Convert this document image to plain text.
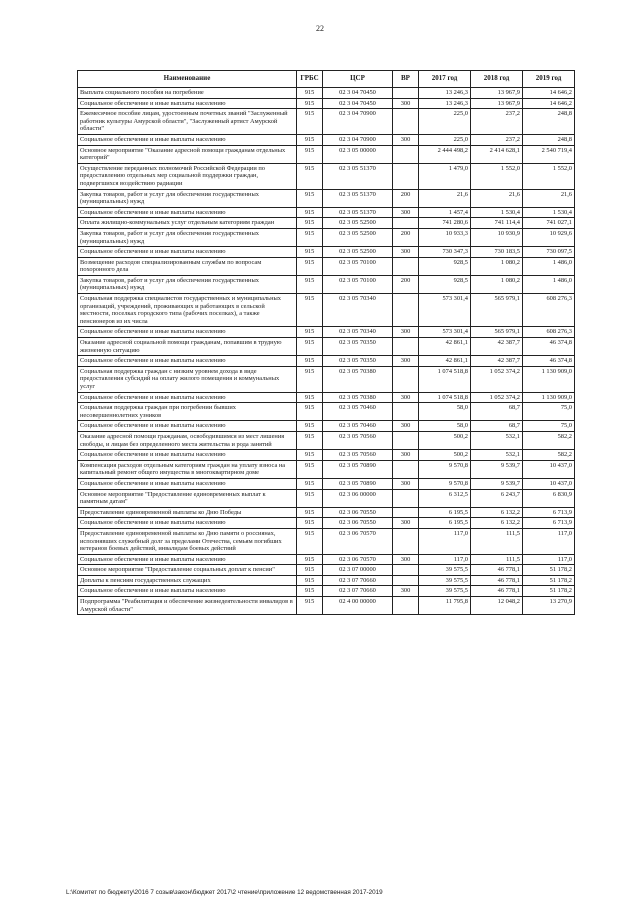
22
Наименование	ГРБС	ЦСР	ВР	2017 год	2018 год	2019 год
Выплата социального пособия на погребение	915	02 3 04 70450		13 246,3	13 967,9	14 646,2
Социальное обеспечение и иные выплаты населению	915	02 3 04 70450	300	13 246,3	13 967,9	14 646,2
Ежемесячное пособие лицам, удостоенным почетных званий "Заслуженный работник культуры Амурской области", "Заслуженный артист Амурской области"	915	02 3 04 70900		225,0	237,2	248,8
Социальное обеспечение и иные выплаты населению	915	02 3 04 70900	300	225,0	237,2	248,8
Основное мероприятие "Оказание адресной помощи гражданам отдельных категорий"	915	02 3 05 00000		2 444 498,2	2 414 628,1	2 540 719,4
Осуществление переданных полномочий Российской Федерации по предоставлению отдельных мер социальной поддержки граждан, подвергшихся воздействию радиации	915	02 3 05 51370		1 479,0	1 552,0	1 552,0
Закупка товаров, работ и услуг для обеспечения государственных (муниципальных) нужд	915	02 3 05 51370	200	21,6	21,6	21,6
Социальное обеспечение и иные выплаты населению	915	02 3 05 51370	300	1 457,4	1 530,4	1 530,4
Оплата жилищно-коммунальных услуг отдельным категориям граждан	915	02 3 05 52500		741 280,6	741 114,4	741 027,1
Закупка товаров, работ и услуг для обеспечения государственных (муниципальных) нужд	915	02 3 05 52500	200	10 933,3	10 930,9	10 929,6
Социальное обеспечение и иные выплаты населению	915	02 3 05 52500	300	730 347,3	730 183,5	730 097,5
Возмещение расходов специализированным службам по вопросам похоронного дела	915	02 3 05 70100		928,5	1 080,2	1 486,0
Закупка товаров, работ и услуг для обеспечения государственных (муниципальных) нужд	915	02 3 05 70100	200	928,5	1 080,2	1 486,0
Социальная поддержка специалистов государственных и муниципальных организаций, учреждений, проживающих и работающих в сельской местности, поселках городского типа (рабочих поселках), а также пенсионеров из их числа	915	02 3 05 70340		573 301,4	565 979,1	608 276,3
Социальное обеспечение и иные выплаты населению	915	02 3 05 70340	300	573 301,4	565 979,1	608 276,3
Оказание адресной социальной помощи гражданам, попавшим в трудную жизненную ситуацию	915	02 3 05 70350		42 861,1	42 387,7	46 374,8
Социальное обеспечение и иные выплаты населению	915	02 3 05 70350	300	42 861,1	42 387,7	46 374,8
Социальная поддержка граждан с низким уровнем дохода в виде предоставления субсидий на оплату жилого помещения и коммунальных услуг	915	02 3 05 70380		1 074 518,8	1 052 374,2	1 130 909,0
Социальное обеспечение и иные выплаты населению	915	02 3 05 70380	300	1 074 518,8	1 052 374,2	1 130 909,0
Социальная поддержка граждан при погребении бывших несовершеннолетних узников	915	02 3 05 70460		58,0	68,7	75,0
Социальное обеспечение и иные выплаты населению	915	02 3 05 70460	300	58,0	68,7	75,0
Оказание адресной помощи гражданам, освободившимся из мест лишения свободы, и лицам без определенного места жительства и рода занятий	915	02 3 05 70560		500,2	532,1	582,2
Социальное обеспечение и иные выплаты населению	915	02 3 05 70560	300	500,2	532,1	582,2
Компенсация расходов отдельным категориям граждан на уплату взноса на капитальный ремонт общего имущества в многоквартирном доме	915	02 3 05 70890		9 570,8	9 539,7	10 437,0
Социальное обеспечение и иные выплаты населению	915	02 3 05 70890	300	9 570,8	9 539,7	10 437,0
Основное мероприятие "Предоставление единовременных выплат к памятным датам"	915	02 3 06 00000		6 312,5	6 243,7	6 830,9
Предоставление единовременной выплаты ко Дню Победы	915	02 3 06 70550		6 195,5	6 132,2	6 713,9
Социальное обеспечение и иные выплаты населению	915	02 3 06 70550	300	6 195,5	6 132,2	6 713,9
Предоставление единовременной выплаты ко Дню памяти о россиянах, исполнявших служебный долг за пределами Отечества, семьям погибших ветеранов боевых действий, инвалидам боевых действий	915	02 3 06 70570		117,0	111,5	117,0
Социальное обеспечение и иные выплаты населению	915	02 3 06 70570	300	117,0	111,5	117,0
Основное мероприятие "Предоставление социальных доплат к пенсии"	915	02 3 07 00000		39 575,5	46 778,1	51 178,2
Доплаты к пенсиям государственных служащих	915	02 3 07 70660		39 575,5	46 778,1	51 178,2
Социальное обеспечение и иные выплаты населению	915	02 3 07 70660	300	39 575,5	46 778,1	51 178,2
Подпрограмма "Реабилитация и обеспечение жизнедеятельности инвалидов в Амурской области"	915	02 4 00 00000		11 795,8	12 048,2	13 270,9
L:\Комитет по бюджету\2016 7 созыв\закон\бюджет 2017\2 чтение\приложение 12 ведомственная 2017-2019
